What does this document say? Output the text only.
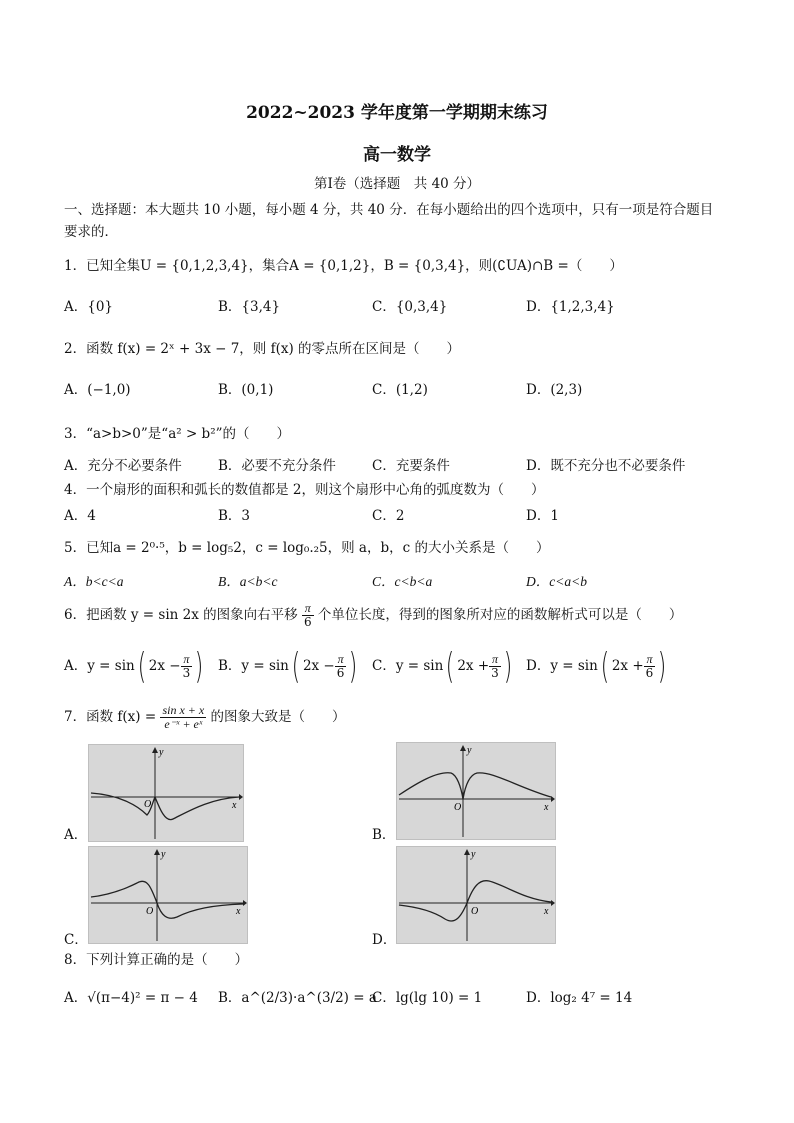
2022~2023 学年度第一学期期末练习
高一数学
第Ⅰ卷（选择题　共 40 分）
一、选择题：本大题共 10 小题，每小题 4 分，共 40 分．在每小题给出的四个选项中，只有一项是符合题目
要求的．
1．已知全集U = {0,1,2,3,4}，集合A = {0,1,2}，B = {0,3,4}，则(∁UA)∩B =（　　）
A．{0}	B．{3,4}	C．{0,3,4}	D．{1,2,3,4}
2．函数 f(x) = 2ˣ + 3x − 7，则 f(x) 的零点所在区间是（　　）
A．(−1,0)	B．(0,1)	C．(1,2)	D．(2,3)
3．“a>b>0”是“a² > b²”的（　　）
A．充分不必要条件	B．必要不充分条件	C．充要条件	D．既不充分也不必要条件
4．一个扇形的面积和弧长的数值都是 2，则这个扇形中心角的弧度数为（　　）
A．4	B．3	C．2	D．1
5．已知a = 2⁰·⁵，b = log₅2，c = log₀.₂5，则 a，b，c 的大小关系是（　　）
A．b<c<a	B．a<b<c	C．c<b<a	D．c<a<b
6．把函数 y = sin 2x 的图象向右平移 $\frac{\pi}{6}$ 个单位长度，得到的图象所对应的函数解析式可以是（　　）
A．y = sin( $2x - \frac{\pi}{3}$ ) B．y = sin( $2x - \frac{\pi}{6}$ ) C．y = sin( $2x + \frac{\pi}{3}$ ) D．y = sin( $2x + \frac{\pi}{6}$ )
7．函数 $f(x) = \frac{\text{sin x + x}}{\text{e⁻ˣ + eˣ}}$ 的图象大致是（　　）
A．
y
x
O
B．
y
x
O
C．
y
x
O
D．
y
x
O
8．下列计算正确的是（　　）
A．√(π−4)² = π − 4 B．a^(2/3)·a^(3/2) = a
C．lg(lg 10) = 1	D．log₂ 4⁷ = 14
